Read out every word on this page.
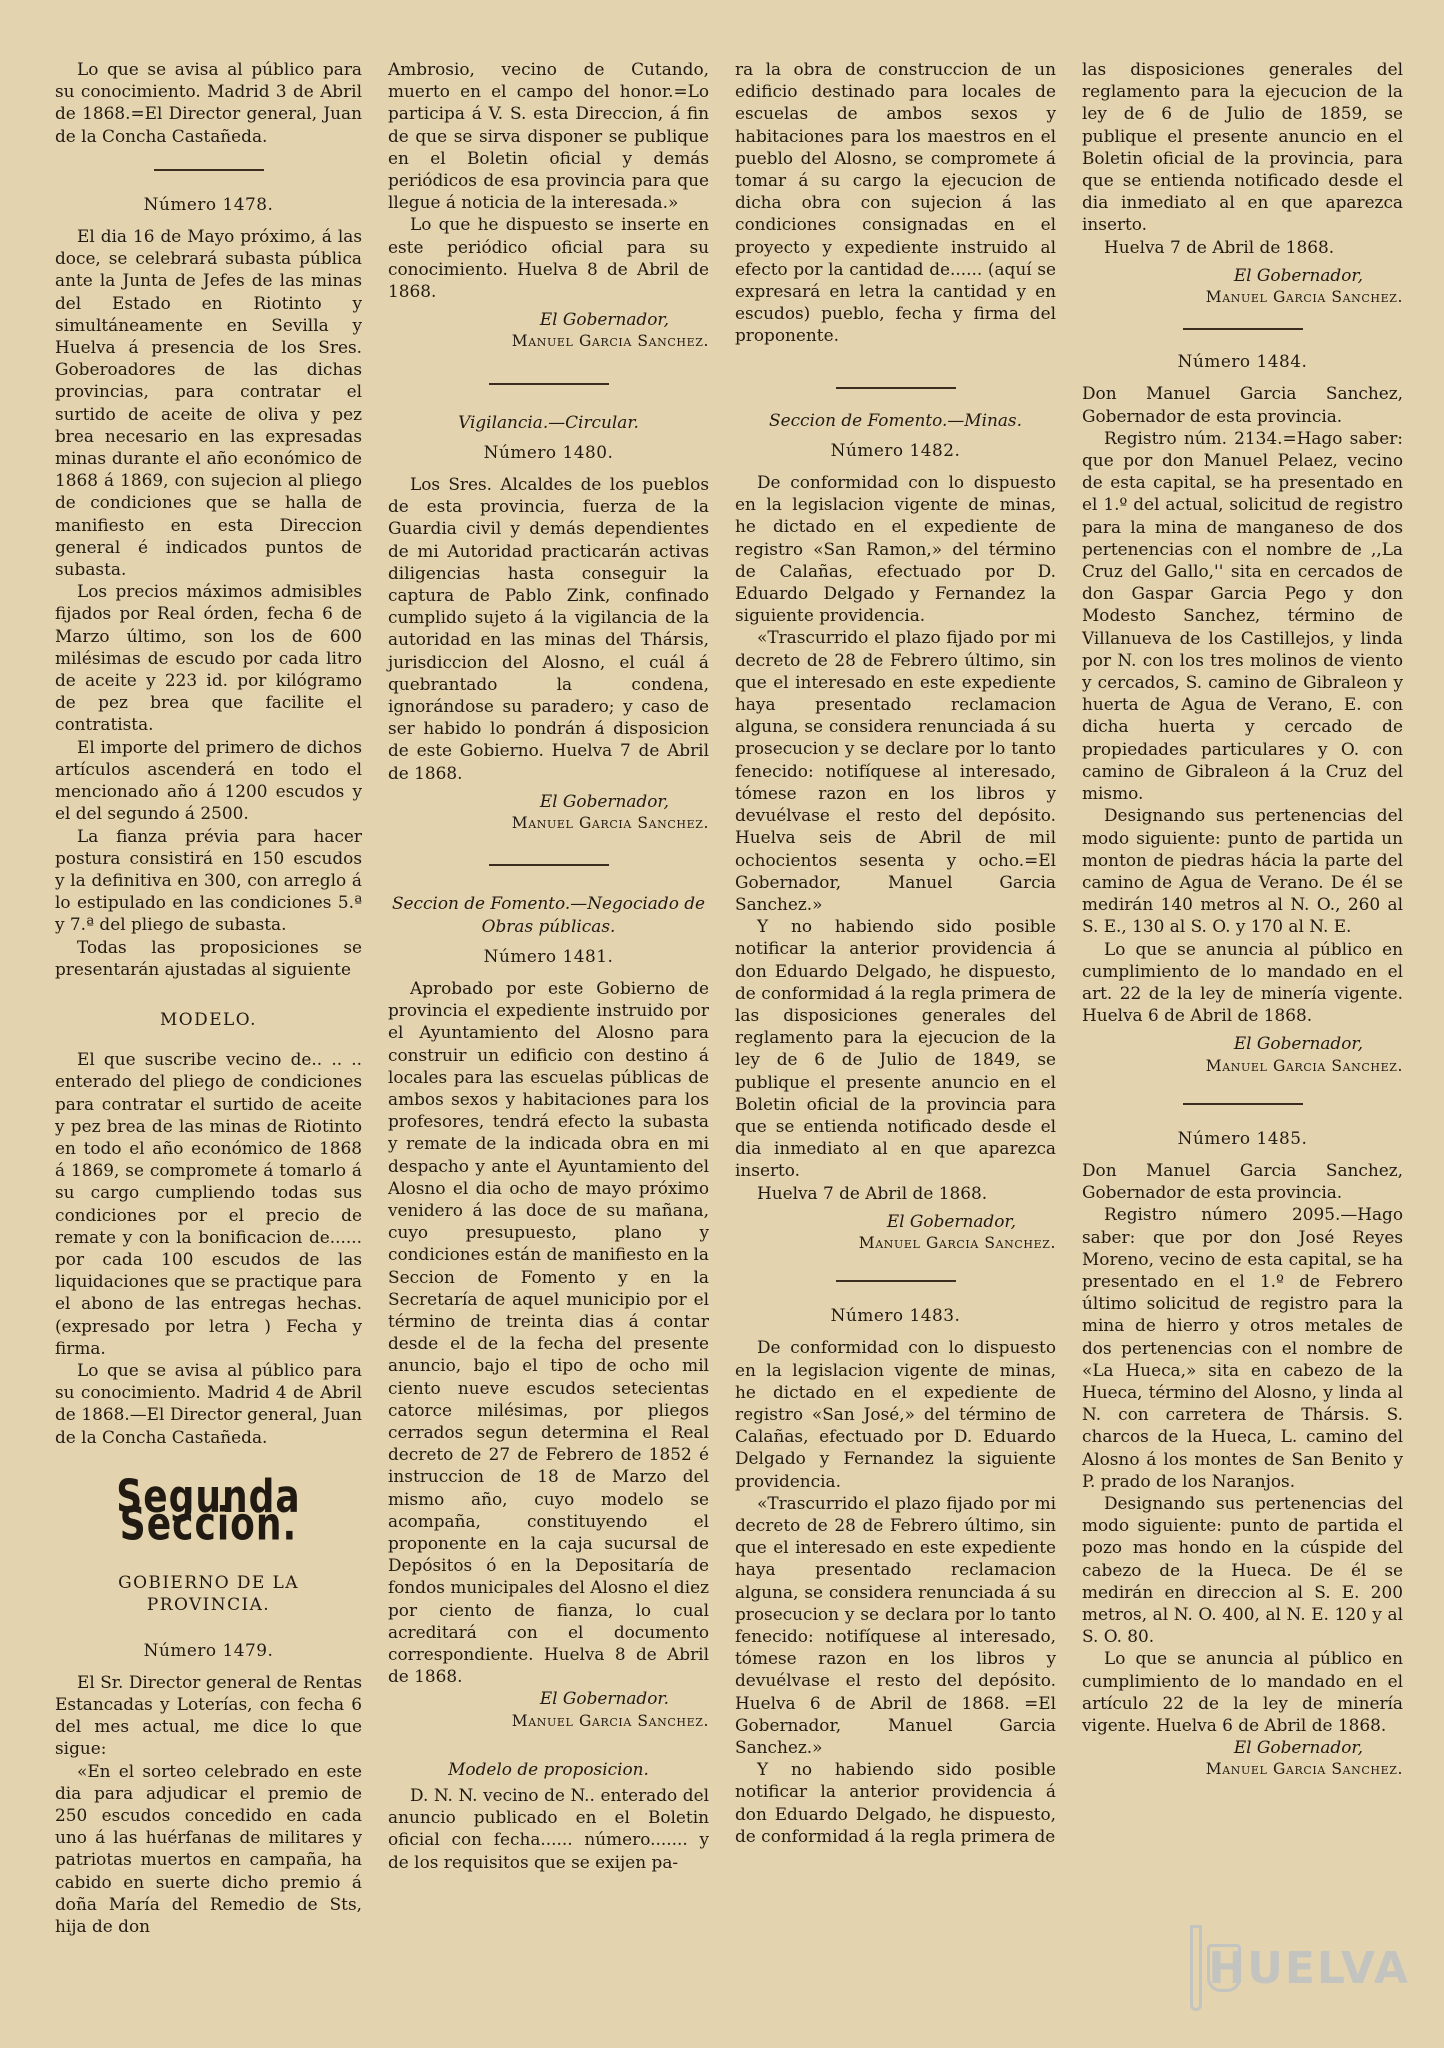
Lo que se avisa al público para su conocimiento. Madrid 3 de Abril de 1868.=El Director general, Juan de la Concha Castañeda.

Número 1478.

El dia 16 de Mayo próximo, á las doce, se celebrará subasta pública ante la Junta de Jefes de las minas del Estado en Riotinto y simultáneamente en Sevilla y Huelva á presencia de los Sres. Goberoadores de las dichas provincias, para contratar el surtido de aceite de oliva y pez brea necesario en las expresadas minas durante el año económico de 1868 á 1869, con sujecion al pliego de condiciones que se halla de manifiesto en esta Direccion general é indicados puntos de subasta.

Los precios máximos admisibles fijados por Real órden, fecha 6 de Marzo último, son los de 600 milésimas de escudo por cada litro de aceite y 223 id. por kilógramo de pez brea que facilite el contratista.

El importe del primero de dichos artículos ascenderá en todo el mencionado año á 1200 escudos y el del segundo á 2500.

La fianza prévia para hacer postura consistirá en 150 escudos y la definitiva en 300, con arreglo á lo estipulado en las condiciones 5.ª y 7.ª del pliego de subasta.

Todas las proposiciones se presentarán ajustadas al siguiente

MODELO.

El que suscribe vecino de.. .. .. enterado del pliego de condiciones para contratar el surtido de aceite y pez brea de las minas de Riotinto en todo el año económico de 1868 á 1869, se compromete á tomarlo á su cargo cumpliendo todas sus condiciones por el precio de remate y con la bonificacion de...... por cada 100 escudos de las liquidaciones que se practique para el abono de las entregas hechas. (expresado por letra ) Fecha y firma.

Lo que se avisa al público para su conocimiento. Madrid 4 de Abril de 1868.—El Director general, Juan de la Concha Castañeda.

Segunda Seccion.
GOBIERNO DE LA PROVINCIA.
Número 1479.

El Sr. Director general de Rentas Estancadas y Loterías, con fecha 6 del mes actual, me dice lo que sigue:

«En el sorteo celebrado en este dia para adjudicar el premio de 250 escudos concedido en cada uno á las huérfanas de militares y patriotas muertos en campaña, ha cabido en suerte dicho premio á doña María del Remedio de Sts, hija de don

Ambrosio, vecino de Cutando, muerto en el campo del honor.=Lo participa á V. S. esta Direccion, á fin de que se sirva disponer se publique en el Boletin oficial y demás periódicos de esa provincia para que llegue á noticia de la interesada.»

Lo que he dispuesto se inserte en este periódico oficial para su conocimiento. Huelva 8 de Abril de 1868.

El Gobernador,
Manuel Garcia Sanchez.
Vigilancia.—Circular.
Número 1480.

Los Sres. Alcaldes de los pueblos de esta provincia, fuerza de la Guardia civil y demás dependientes de mi Autoridad practicarán activas diligencias hasta conseguir la captura de Pablo Zink, confinado cumplido sujeto á la vigilancia de la autoridad en las minas del Thársis, jurisdiccion del Alosno, el cuál á quebrantado la condena, ignorándose su paradero; y caso de ser habido lo pondrán á disposicion de este Gobierno. Huelva 7 de Abril de 1868.

El Gobernador,
Manuel Garcia Sanchez.
Seccion de Fomento.—Negociado de Obras públicas.
Número 1481.

Aprobado por este Gobierno de provincia el expediente instruido por el Ayuntamiento del Alosno para construir un edificio con destino á locales para las escuelas públicas de ambos sexos y habitaciones para los profesores, tendrá efecto la subasta y remate de la indicada obra en mi despacho y ante el Ayuntamiento del Alosno el dia ocho de mayo próximo venidero á las doce de su mañana, cuyo presupuesto, plano y condiciones están de manifiesto en la Seccion de Fomento y en la Secretaría de aquel municipio por el término de treinta dias á contar desde el de la fecha del presente anuncio, bajo el tipo de ocho mil ciento nueve escudos setecientas catorce milésimas, por pliegos cerrados segun determina el Real decreto de 27 de Febrero de 1852 é instruccion de 18 de Marzo del mismo año, cuyo modelo se acompaña, constituyendo el proponente en la caja sucursal de Depósitos ó en la Depositaría de fondos municipales del Alosno el diez por ciento de fianza, lo cual acreditará con el documento correspondiente. Huelva 8 de Abril de 1868.

El Gobernador.
Manuel Garcia Sanchez.
Modelo de proposicion.

D. N. N. vecino de N.. enterado del anuncio publicado en el Boletin oficial con fecha...... número....... y de los requisitos que se exijen pa-

ra la obra de construccion de un edificio destinado para locales de escuelas de ambos sexos y habitaciones para los maestros en el pueblo del Alosno, se compromete á tomar á su cargo la ejecucion de dicha obra con sujecion á las condiciones consignadas en el proyecto y expediente instruido al efecto por la cantidad de...... (aquí se expresará en letra la cantidad y en escudos) pueblo, fecha y firma del proponente.

Seccion de Fomento.—Minas.
Número 1482.

De conformidad con lo dispuesto en la legislacion vigente de minas, he dictado en el expediente de registro «San Ramon,» del término de Calañas, efectuado por D. Eduardo Delgado y Fernandez la siguiente providencia.

«Trascurrido el plazo fijado por mi decreto de 28 de Febrero último, sin que el interesado en este expediente haya presentado reclamacion alguna, se considera renunciada á su prosecucion y se declare por lo tanto fenecido: notifíquese al interesado, tómese razon en los libros y devuélvase el resto del depósito. Huelva seis de Abril de mil ochocientos sesenta y ocho.=El Gobernador, Manuel Garcia Sanchez.»

Y no habiendo sido posible notificar la anterior providencia á don Eduardo Delgado, he dispuesto, de conformidad á la regla primera de las disposiciones generales del reglamento para la ejecucion de la ley de 6 de Julio de 1849, se publique el presente anuncio en el Boletin oficial de la provincia para que se entienda notificado desde el dia inmediato al en que aparezca inserto.

Huelva 7 de Abril de 1868.

El Gobernador,
Manuel Garcia Sanchez.
Número 1483.

De conformidad con lo dispuesto en la legislacion vigente de minas, he dictado en el expediente de registro «San José,» del término de Calañas, efectuado por D. Eduardo Delgado y Fernandez la siguiente providencia.

«Trascurrido el plazo fijado por mi decreto de 28 de Febrero último, sin que el interesado en este expediente haya presentado reclamacion alguna, se considera renunciada á su prosecucion y se declara por lo tanto fenecido: notifíquese al interesado, tómese razon en los libros y devuélvase el resto del depósito. Huelva 6 de Abril de 1868. =El Gobernador, Manuel Garcia Sanchez.»

Y no habiendo sido posible notificar la anterior providencia á don Eduardo Delgado, he dispuesto, de conformidad á la regla primera de

las disposiciones generales del reglamento para la ejecucion de la ley de 6 de Julio de 1859, se publique el presente anuncio en el Boletin oficial de la provincia, para que se entienda notificado desde el dia inmediato al en que aparezca inserto.

Huelva 7 de Abril de 1868.

El Gobernador,
Manuel Garcia Sanchez.
Número 1484.

Don Manuel Garcia Sanchez, Gobernador de esta provincia.

Registro núm. 2134.=Hago saber: que por don Manuel Pelaez, vecino de esta capital, se ha presentado en el 1.º del actual, solicitud de registro para la mina de manganeso de dos pertenencias con el nombre de ,,La Cruz del Gallo,'' sita en cercados de don Gaspar Garcia Pego y don Modesto Sanchez, término de Villanueva de los Castillejos, y linda por N. con los tres molinos de viento y cercados, S. camino de Gibraleon y huerta de Agua de Verano, E. con dicha huerta y cercado de propiedades particulares y O. con camino de Gibraleon á la Cruz del mismo.

Designando sus pertenencias del modo siguiente: punto de partida un monton de piedras hácia la parte del camino de Agua de Verano. De él se medirán 140 metros al N. O., 260 al S. E., 130 al S. O. y 170 al N. E.

Lo que se anuncia al público en cumplimiento de lo mandado en el art. 22 de la ley de minería vigente. Huelva 6 de Abril de 1868.

El Gobernador,
Manuel Garcia Sanchez.
Número 1485.

Don Manuel Garcia Sanchez, Gobernador de esta provincia.

Registro número 2095.—Hago saber: que por don José Reyes Moreno, vecino de esta capital, se ha presentado en el 1.º de Febrero último solicitud de registro para la mina de hierro y otros metales de dos pertenencias con el nombre de «La Hueca,» sita en cabezo de la Hueca, término del Alosno, y linda al N. con carretera de Thársis. S. charcos de la Hueca, L. camino del Alosno á los montes de San Benito y P. prado de los Naranjos.

Designando sus pertenencias del modo siguiente: punto de partida el pozo mas hondo en la cúspide del cabezo de la Hueca. De él se medirán en direccion al S. E. 200 metros, al N. O. 400, al N. E. 120 y al S. O. 80.

Lo que se anuncia al público en cumplimiento de lo mandado en el artículo 22 de la ley de minería vigente. Huelva 6 de Abril de 1868.

El Gobernador,
Manuel Garcia Sanchez.
HUELVA
